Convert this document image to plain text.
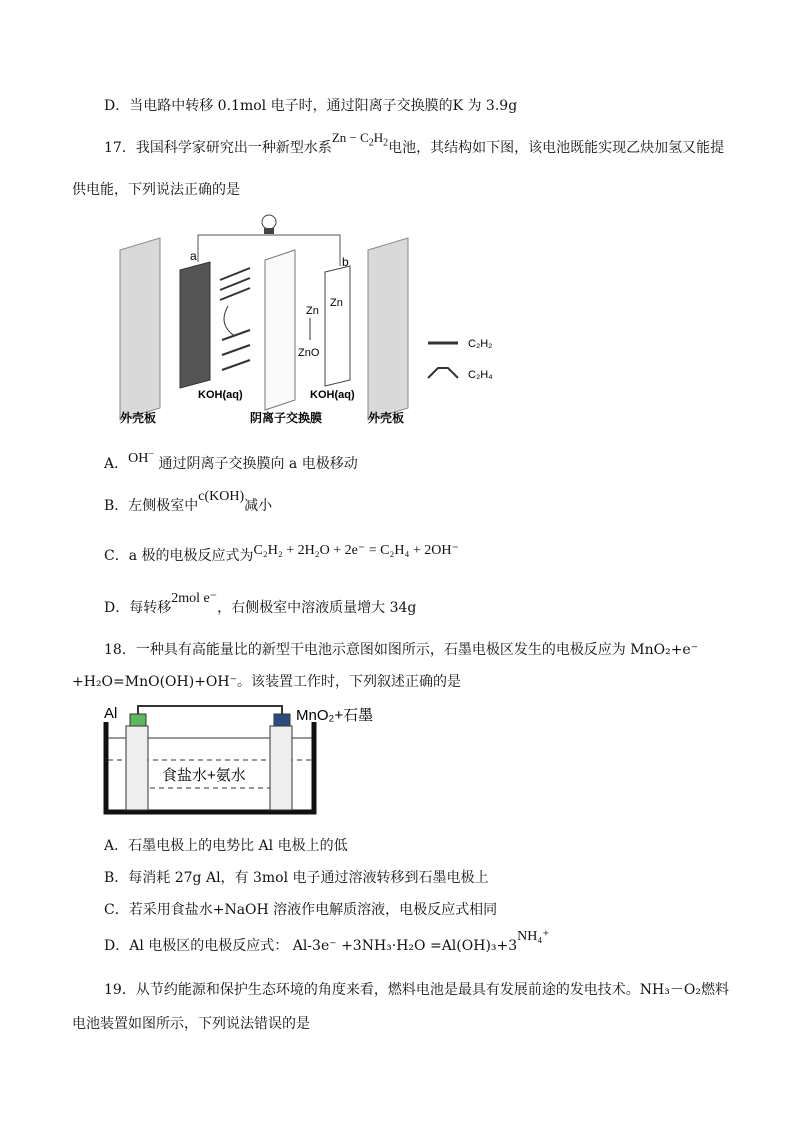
D．当电路中转移 0.1mol 电子时，通过阳离子交换膜的K 为 3.9g
17．我国科学家研究出一种新型水系$Zn - C_2H_2$电池，其结构如下图，该电池既能实现乙炔加氢又能提
供电能，下列说法正确的是
a	b
Zn
Zn
ZnO
KOH(aq)	KOH(aq)
外壳板	阴离子交换膜	外壳板
C₂H₂
C₂H₄
A．OH− 通过阴离子交换膜向 a 电极移动
B．左侧极室中c(KOH)减小
C．a 极的电极反应式为C₂H₂ + 2H₂O + 2e⁻ = C₂H₄ + 2OH⁻
D．每转移2mol e⁻，右侧极室中溶液质量增大 34g
18．一种具有高能量比的新型干电池示意图如图所示，石墨电极区发生的电极反应为 MnO₂+e⁻
+H₂O=MnO(OH)+OH⁻。该装置工作时，下列叙述正确的是
Al	MnO₂+石墨
食盐水+氨水
A．石墨电极上的电势比 Al 电极上的低
B．每消耗 27g Al，有 3mol 电子通过溶液转移到石墨电极上
C．若采用食盐水+NaOH 溶液作电解质溶液，电极反应式相同
D．Al 电极区的电极反应式： Al-3e⁻ +3NH₃·H₂O =Al(OH)₃+3NH₄⁺
19．从节约能源和保护生态环境的角度来看，燃料电池是最具有发展前途的发电技术。NH₃－O₂燃料
电池装置如图所示，下列说法错误的是
